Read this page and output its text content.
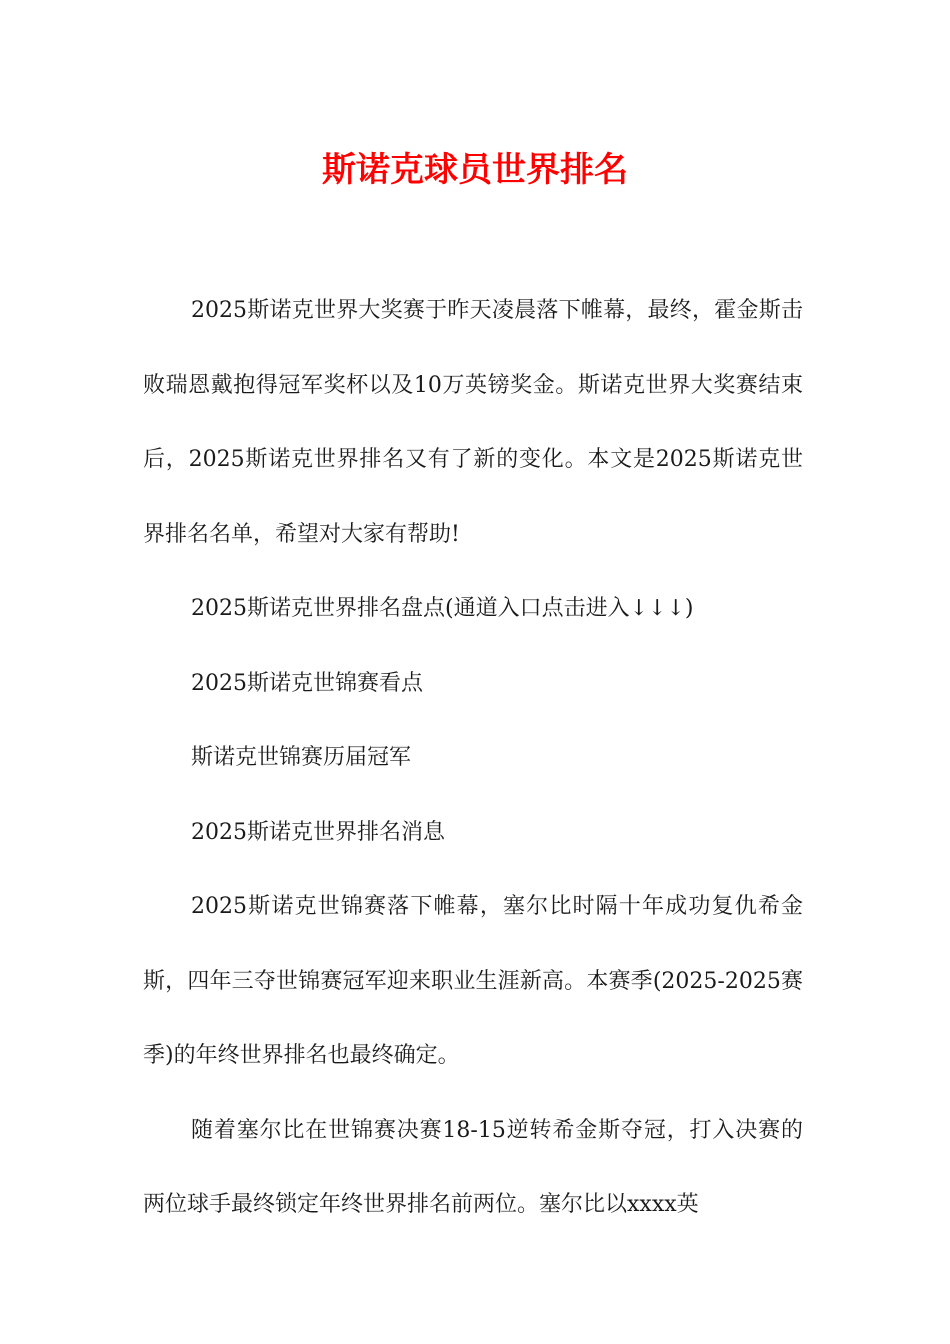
斯诺克球员世界排名

2025斯诺克世界大奖赛于昨天凌晨落下帷幕，最终，霍金斯击败瑞恩戴抱得冠军奖杯以及10万英镑奖金。斯诺克世界大奖赛结束后，2025斯诺克世界排名又有了新的变化。本文是2025斯诺克世界排名名单，希望对大家有帮助!

2025斯诺克世界排名盘点(通道入口点击进入↓↓↓)

2025斯诺克世锦赛看点

斯诺克世锦赛历届冠军

2025斯诺克世界排名消息

2025斯诺克世锦赛落下帷幕，塞尔比时隔十年成功复仇希金斯，四年三夺世锦赛冠军迎来职业生涯新高。本赛季(2025-2025赛季)的年终世界排名也最终确定。

随着塞尔比在世锦赛决赛18-15逆转希金斯夺冠，打入决赛的两位球手最终锁定年终世界排名前两位。塞尔比以xxxx英
